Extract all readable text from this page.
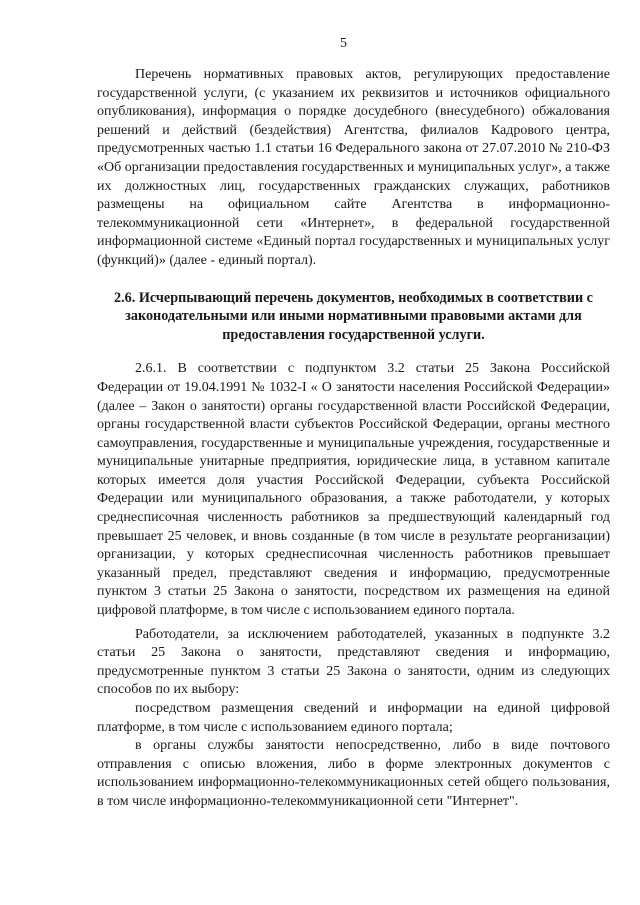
5

Перечень нормативных правовых актов, регулирующих предоставление государственной услуги, (с указанием их реквизитов и источников официального опубликования), информация о порядке досудебного (внесудебного) обжалования решений и действий (бездействия) Агентства, филиалов Кадрового центра, предусмотренных частью 1.1 статьи 16 Федерального закона от 27.07.2010 № 210-ФЗ «Об организации предоставления государственных и муниципальных услуг», а также их должностных лиц, государственных гражданских служащих, работников размещены на официальном сайте Агентства в информационно-телекоммуникационной сети «Интернет», в федеральной государственной информационной системе «Единый портал государственных и муниципальных услуг (функций)» (далее - единый портал).

2.6. Исчерпывающий перечень документов, необходимых в соответствии с законодательными или иными нормативными правовыми актами для предоставления государственной услуги.

2.6.1. В соответствии с подпунктом 3.2 статьи 25 Закона Российской Федерации от 19.04.1991 № 1032-I « О занятости населения Российской Федерации» (далее – Закон о занятости) органы государственной власти Российской Федерации, органы государственной власти субъектов Российской Федерации, органы местного самоуправления, государственные и муниципальные учреждения, государственные и муниципальные унитарные предприятия, юридические лица, в уставном капитале которых имеется доля участия Российской Федерации, субъекта Российской Федерации или муниципального образования, а также работодатели, у которых среднесписочная численность работников за предшествующий календарный год превышает 25 человек, и вновь созданные (в том числе в результате реорганизации) организации, у которых среднесписочная численность работников превышает указанный предел, представляют сведения и информацию, предусмотренные пунктом 3 статьи 25 Закона о занятости, посредством их размещения на единой цифровой платформе, в том числе с использованием единого портала.

Работодатели, за исключением работодателей, указанных в подпункте 3.2 статьи 25 Закона о занятости, представляют сведения и информацию, предусмотренные пунктом 3 статьи 25 Закона о занятости, одним из следующих способов по их выбору:

посредством размещения сведений и информации на единой цифровой платформе, в том числе с использованием единого портала;

в органы службы занятости непосредственно, либо в виде почтового отправления с описью вложения, либо в форме электронных документов с использованием информационно-телекоммуникационных сетей общего пользования, в том числе информационно-телекоммуникационной сети "Интернет".
